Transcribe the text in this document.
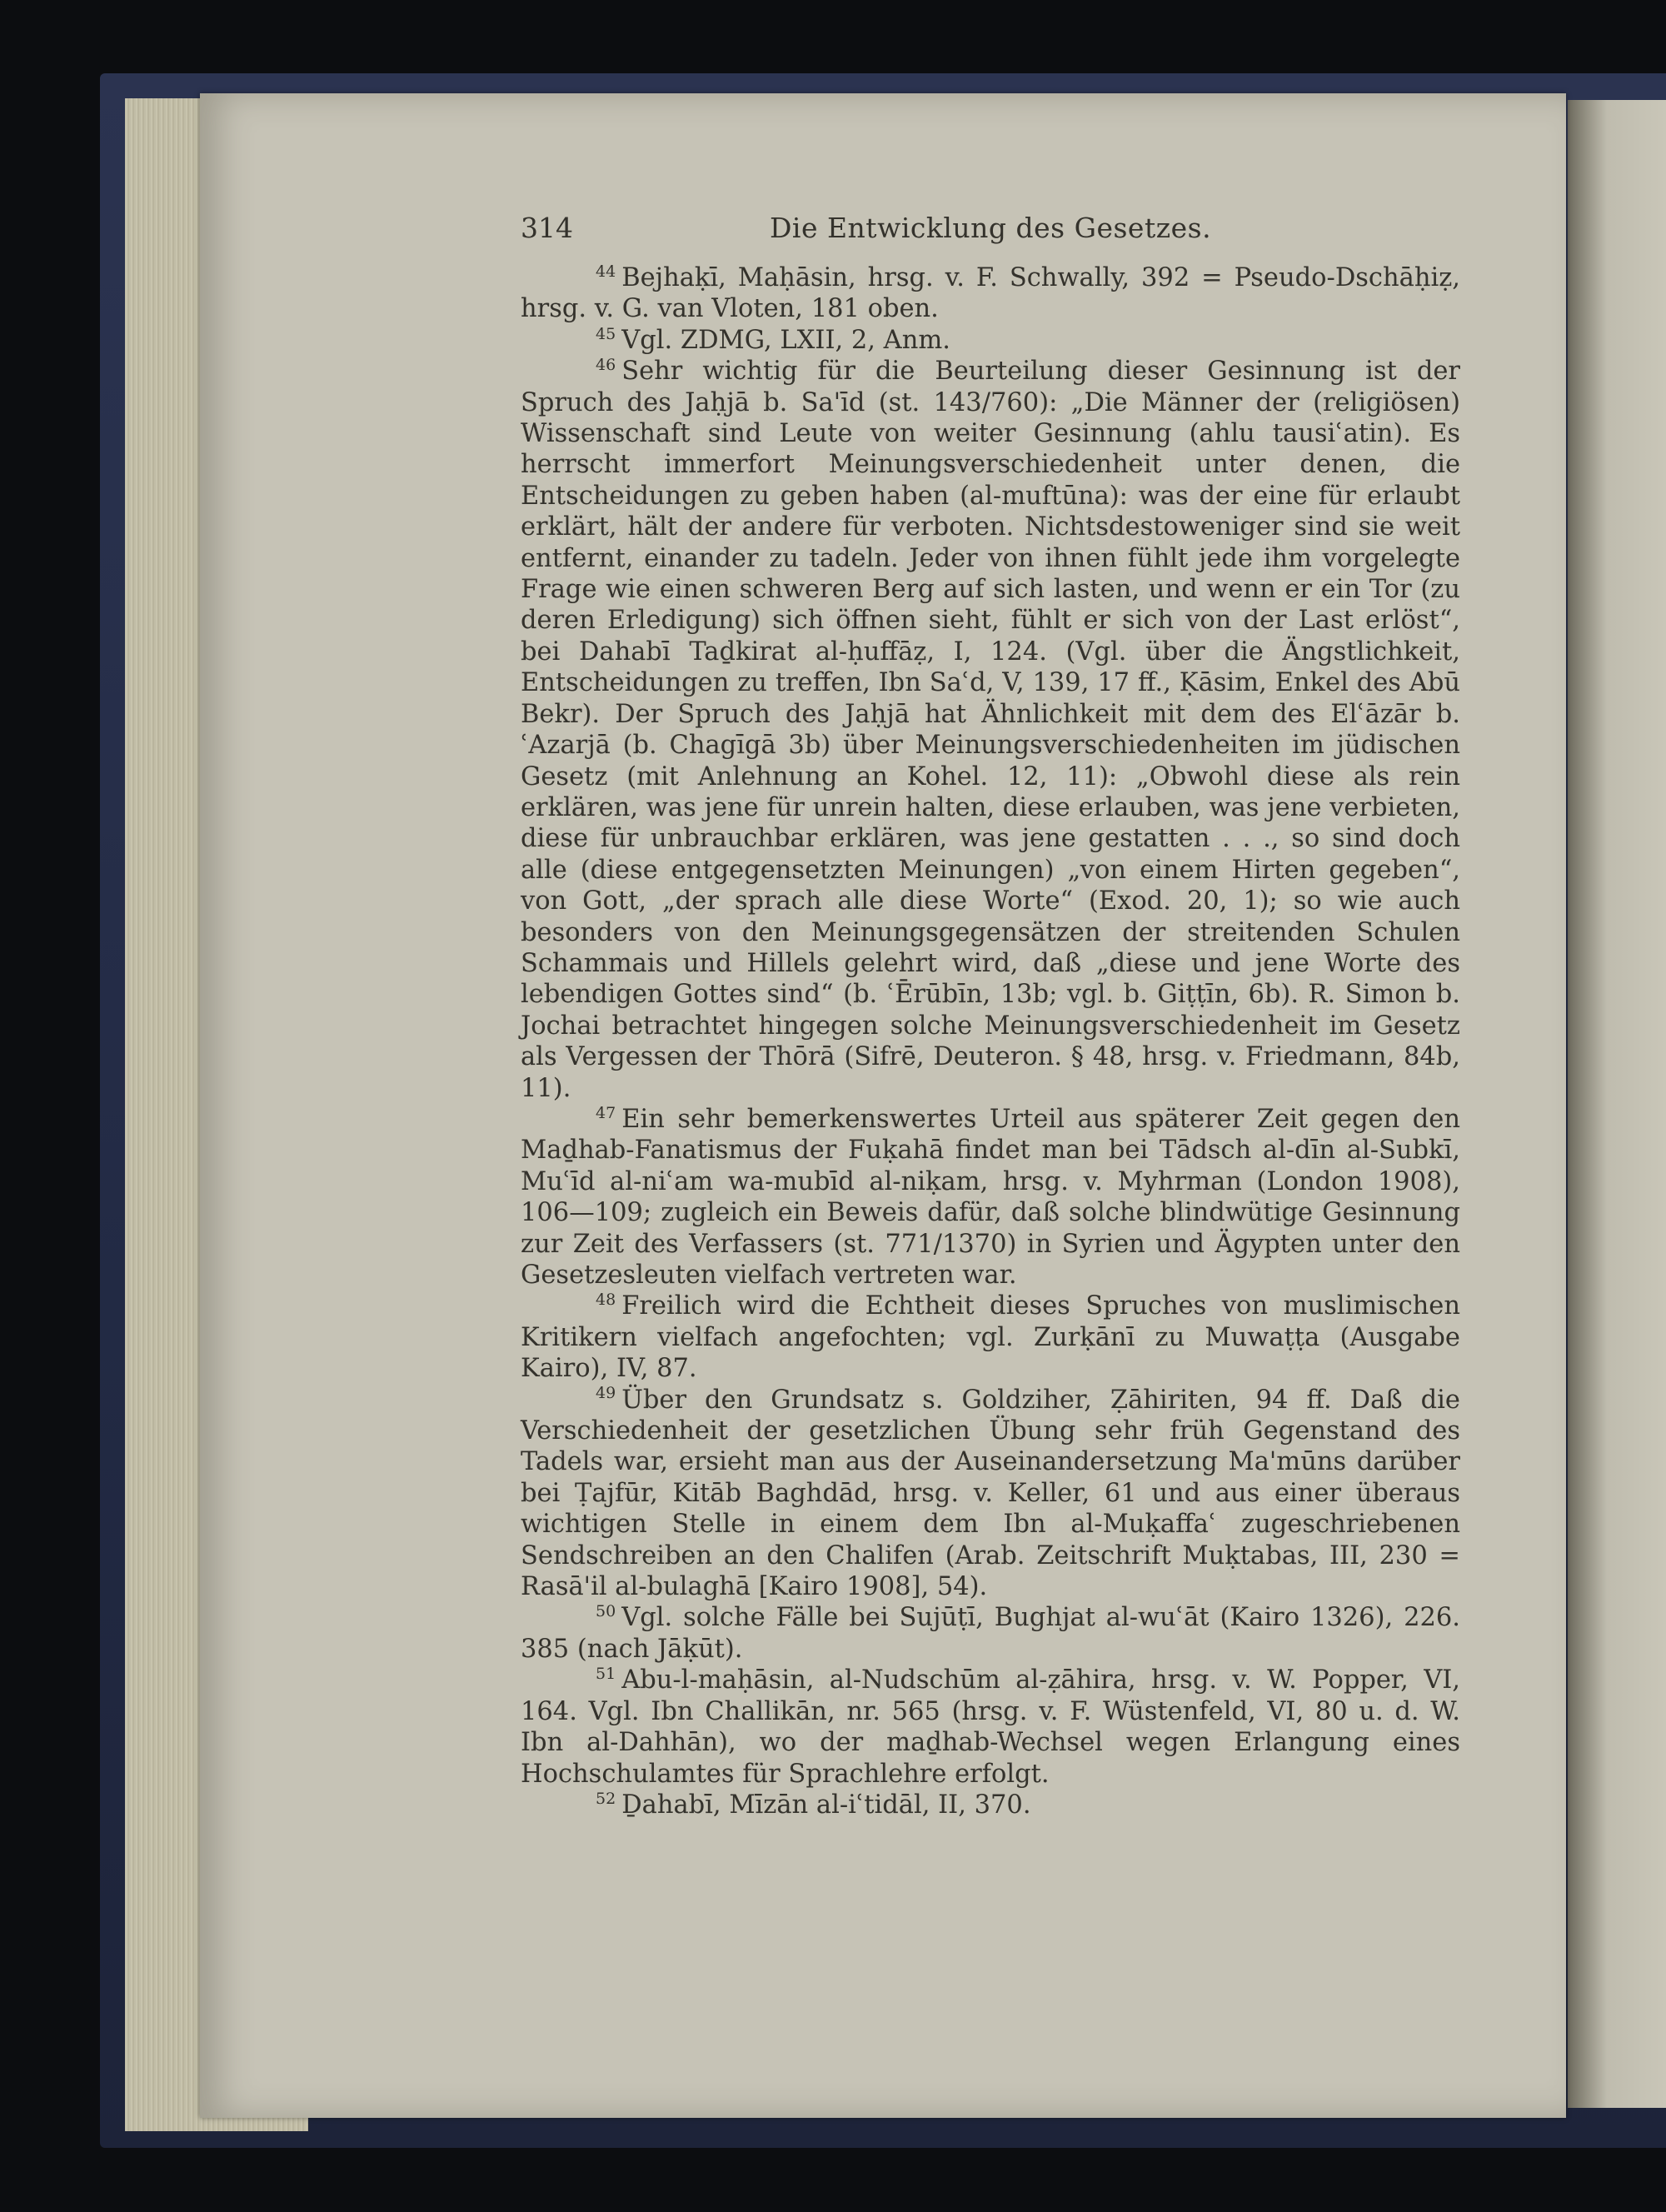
314	Die Entwicklung des Gesetzes.

$^{44}$ Bejhaḳī, Maḥāsin, hrsg. v. F. Schwally, 392 = Pseudo-Dschāḥiẓ, hrsg. v. G. van Vloten, 181 oben.

$^{45}$ Vgl. ZDMG, LXII, 2, Anm.

$^{46}$ Sehr wichtig für die Beurteilung dieser Gesinnung ist der Spruch des Jaḥjā b. Sa'īd (st. 143/760): „Die Männer der (religiösen) Wissenschaft sind Leute von weiter Gesinnung (ahlu tausiʿatin). Es herrscht immerfort Meinungsverschiedenheit unter denen, die Entscheidungen zu geben haben (al-muftūna): was der eine für erlaubt erklärt, hält der andere für verboten. Nichtsdestoweniger sind sie weit entfernt, einander zu tadeln. Jeder von ihnen fühlt jede ihm vorgelegte Frage wie einen schweren Berg auf sich lasten, und wenn er ein Tor (zu deren Erledigung) sich öffnen sieht, fühlt er sich von der Last erlöst“, bei Dahabī Taḏkirat al-ḥuffāẓ, I, 124. (Vgl. über die Ängstlichkeit, Entscheidungen zu treffen, Ibn Saʿd, V, 139, 17 ff., Ḳāsim, Enkel des Abū Bekr). Der Spruch des Jaḥjā hat Ähnlichkeit mit dem des Elʿāzār b. ʿAzarjā (b. Chagīgā 3b) über Meinungsverschiedenheiten im jüdischen Gesetz (mit Anlehnung an Kohel. 12, 11): „Obwohl diese als rein erklären, was jene für unrein halten, diese erlauben, was jene verbieten, diese für unbrauchbar erklären, was jene gestatten . . ., so sind doch alle (diese entgegensetzten Meinungen) „von einem Hirten gegeben“, von Gott, „der sprach alle diese Worte“ (Exod. 20, 1); so wie auch besonders von den Meinungsgegensätzen der streitenden Schulen Schammais und Hillels gelehrt wird, daß „diese und jene Worte des lebendigen Gottes sind“ (b. ʿĒrūbīn, 13b; vgl. b. Giṭṭīn, 6b). R. Simon b. Jochai betrachtet hingegen solche Meinungsverschiedenheit im Gesetz als Vergessen der Thōrā (Sifrē, Deuteron. § 48, hrsg. v. Friedmann, 84b, 11).

$^{47}$ Ein sehr bemerkenswertes Urteil aus späterer Zeit gegen den Maḏhab-Fanatismus der Fuḳahā findet man bei Tādsch al-dīn al-Subkī, Muʿīd al-niʿam wa-mubīd al-niḳam, hrsg. v. Myhrman (London 1908), 106—109; zugleich ein Beweis dafür, daß solche blindwütige Gesinnung zur Zeit des Verfassers (st. 771/1370) in Syrien und Ägypten unter den Gesetzesleuten vielfach vertreten war.

$^{48}$ Freilich wird die Echtheit dieses Spruches von muslimischen Kritikern vielfach angefochten; vgl. Zurḳānī zu Muwaṭṭa (Ausgabe Kairo), IV, 87.

$^{49}$ Über den Grundsatz s. Goldziher, Ẓāhiriten, 94 ff. Daß die Verschiedenheit der gesetzlichen Übung sehr früh Gegenstand des Tadels war, ersieht man aus der Auseinandersetzung Ma'mūns darüber bei Ṭajfūr, Kitāb Baghdād, hrsg. v. Keller, 61 und aus einer überaus wichtigen Stelle in einem dem Ibn al-Muḳaffaʿ zugeschriebenen Sendschreiben an den Chalifen (Arab. Zeitschrift Muḳtabas, III, 230 = Rasā'il al-bulaghā [Kairo 1908], 54).

$^{50}$ Vgl. solche Fälle bei Sujūṭī, Bughjat al-wuʿāt (Kairo 1326), 226. 385 (nach Jāḳūt).

$^{51}$ Abu-l-maḥāsin, al-Nudschūm al-ẓāhira, hrsg. v. W. Popper, VI, 164. Vgl. Ibn Challikān, nr. 565 (hrsg. v. F. Wüstenfeld, VI, 80 u. d. W. Ibn al-Dahhān), wo der maḏhab-Wechsel wegen Erlangung eines Hochschulamtes für Sprachlehre erfolgt.

$^{52}$ Ḏahabī, Mīzān al-iʿtidāl, II, 370.
